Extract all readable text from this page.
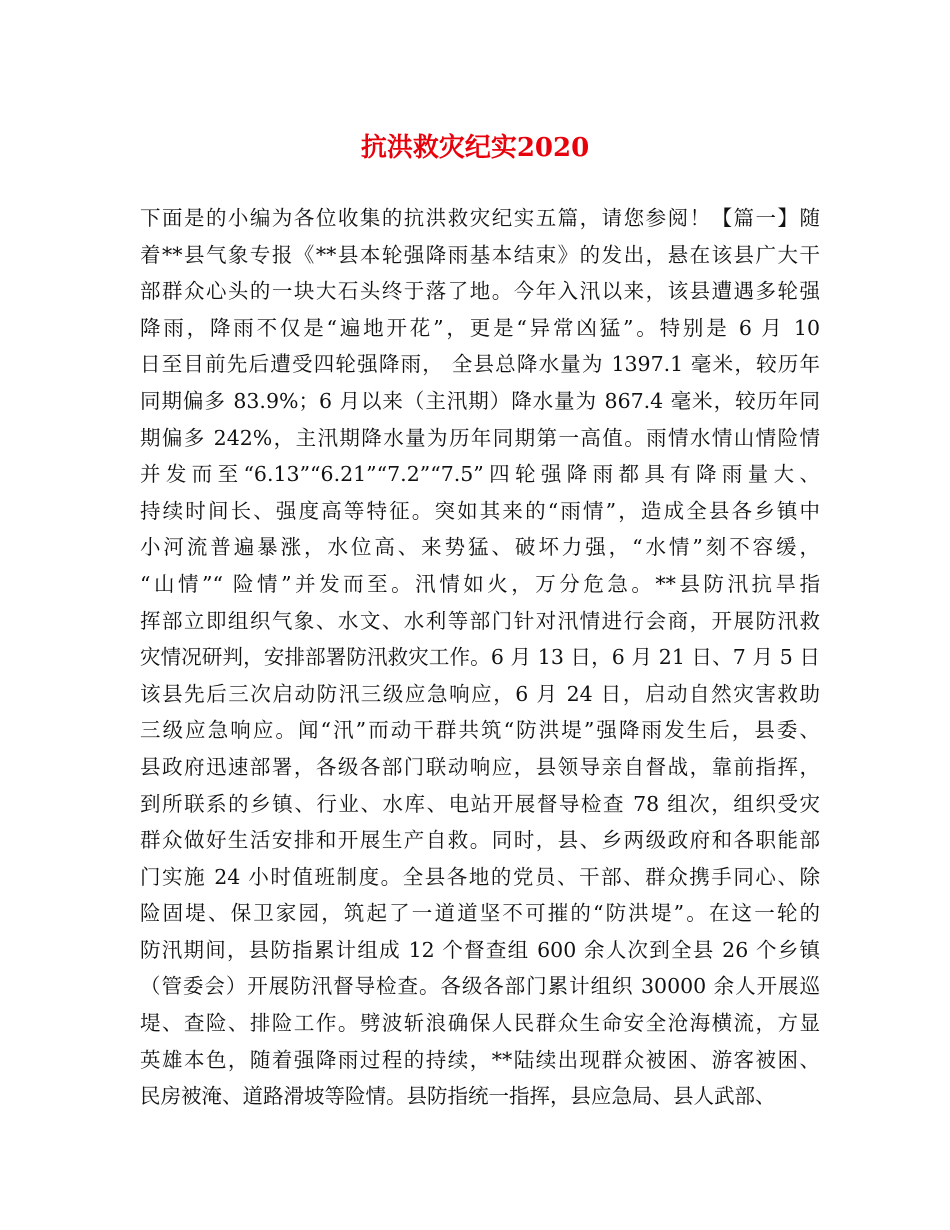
抗洪救灾纪实2020
下面是的小编为各位收集的抗洪救灾纪实五篇，请您参阅！【篇一】随
着**县气象专报《**县本轮强降雨基本结束》的发出，悬在该县广大干
部群众心头的一块大石头终于落了地。今年入汛以来，该县遭遇多轮强
降雨，降雨不仅是“遍地开花”，更是“异常凶猛”。特别是 6 月 10
日至目前先后遭受四轮强降雨， 全县总降水量为 1397.1 毫米，较历年
同期偏多 83.9%；6 月以来（主汛期）降水量为 867.4 毫米，较历年同
期偏多 242%，主汛期降水量为历年同期第一高值。雨情水情山情险情
并发而至“6.13”“6.21”“7.2”“7.5”四轮强降雨都具有降雨量大、
持续时间长、强度高等特征。突如其来的“雨情”，造成全县各乡镇中
小河流普遍暴涨，水位高、来势猛、破坏力强，“水情”刻不容缓，
“山情”“ 险情”并发而至。汛情如火，万分危急。**县防汛抗旱指
挥部立即组织气象、水文、水利等部门针对汛情进行会商，开展防汛救
灾情况研判，安排部署防汛救灾工作。6 月 13 日，6 月 21 日、7 月 5 日
该县先后三次启动防汛三级应急响应，6 月 24 日，启动自然灾害救助
三级应急响应。闻“汛”而动干群共筑“防洪堤”强降雨发生后，县委、
县政府迅速部署，各级各部门联动响应，县领导亲自督战，靠前指挥，
到所联系的乡镇、行业、水库、电站开展督导检查 78 组次，组织受灾
群众做好生活安排和开展生产自救。同时，县、乡两级政府和各职能部
门实施 24 小时值班制度。全县各地的党员、干部、群众携手同心、除
险固堤、保卫家园，筑起了一道道坚不可摧的“防洪堤”。在这一轮的
防汛期间，县防指累计组成 12 个督查组 600 余人次到全县 26 个乡镇
（管委会）开展防汛督导检查。各级各部门累计组织 30000 余人开展巡
堤、查险、排险工作。劈波斩浪确保人民群众生命安全沧海横流，方显
英雄本色，随着强降雨过程的持续，**陆续出现群众被困、游客被困、
民房被淹、道路滑坡等险情。县防指统一指挥，县应急局、县人武部、
